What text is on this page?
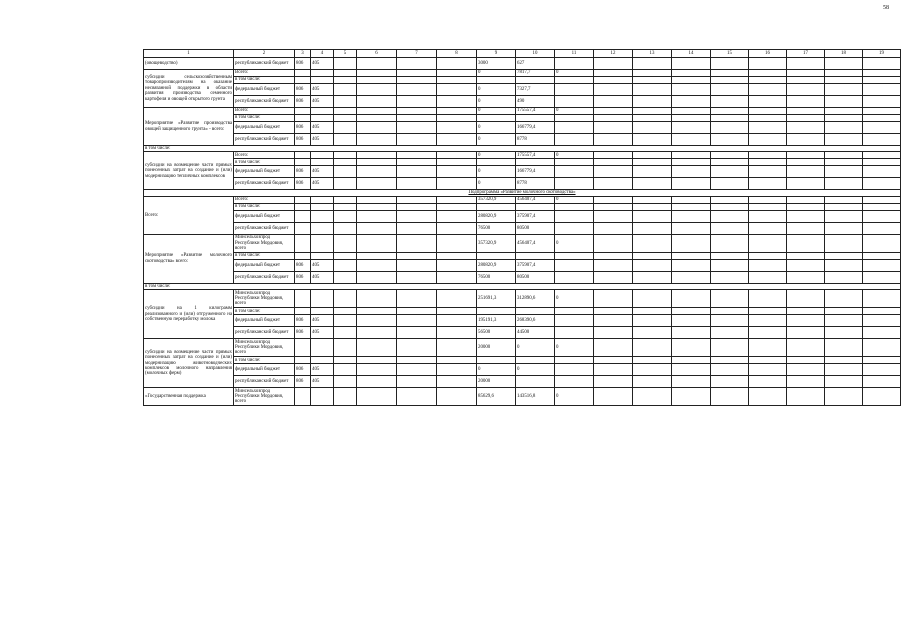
58
1	2	3	4	5	6	7	8	9	10	11	12	13	14	15	16	17	18	19
(овощеводство)	республиканский бюджет	806	405					3000	627									
субсидии сельскохозяйственным товаропроизводителям на оказание несвязанной поддержки в области развития производства семенного картофеля и овощей открытого грунта	Всего:							0	7817,7	0								
	в том числе:																	
	федеральный бюджет	806	405					0	7327,7									
	республиканский бюджет	806	405					0	490									
Мероприятие «Развитие производства овощей защищенного грунта» - всего:	Всего:							0	175557,4	0								
	в том числе:																	
	федеральный бюджет	806	405					0	166779,4									
	республиканский бюджет	806	405					0	8778									
в том числе:																		
субсидии на возмещение части прямых понесенных затрат на создание и (или) модернизацию тепличных комплексов	Всего:							0	175557,4	0								
	в том числе:																	
	федеральный бюджет	806	405					0	166779,4									
	республиканский бюджет	806	405					0	8778									
Подпрограмма «Развитие молочного скотоводства»																		
Всего:	Всего:							357320,9	456407,4	0								
	в том числе:																	
	федеральный бюджет							280820,9	375907,4									
	республиканский бюджет							76500	80500									
Мероприятие «Развитие молочного скотоводства» всего:	Минсельхозпрод Республики Мордовия, всего							357320,9	456407,4	0								
	в том числе:																	
	федеральный бюджет	806	405					280820,9	375907,4									
	республиканский бюджет	806	405					76500	80500									
в том числе:																		
субсидии на 1 килограмм реализованного и (или) отгруженного на собственную переработку молока	Минсельхозпрод Республики Мордовия, всего							251691,3	312890,6	0								
	в том числе:																	
	федеральный бюджет	806	405					195191,3	268390,6									
	республиканский бюджет	806	405					56500	44500									
субсидии на возмещение части прямых понесенных затрат на создание и (или) модернизацию животноводческих комплексов молочного направления (молочных ферм)	Минсельхозпрод Республики Мордовия, всего							20000	0	0								
	в том числе:																	
	федеральный бюджет	806	405					0	0									
	республиканский бюджет	806	405					20000										
«Государственная поддержка	Минсельхозпрод Республики Мордовия, всего							85629,6	143516,8	0								
